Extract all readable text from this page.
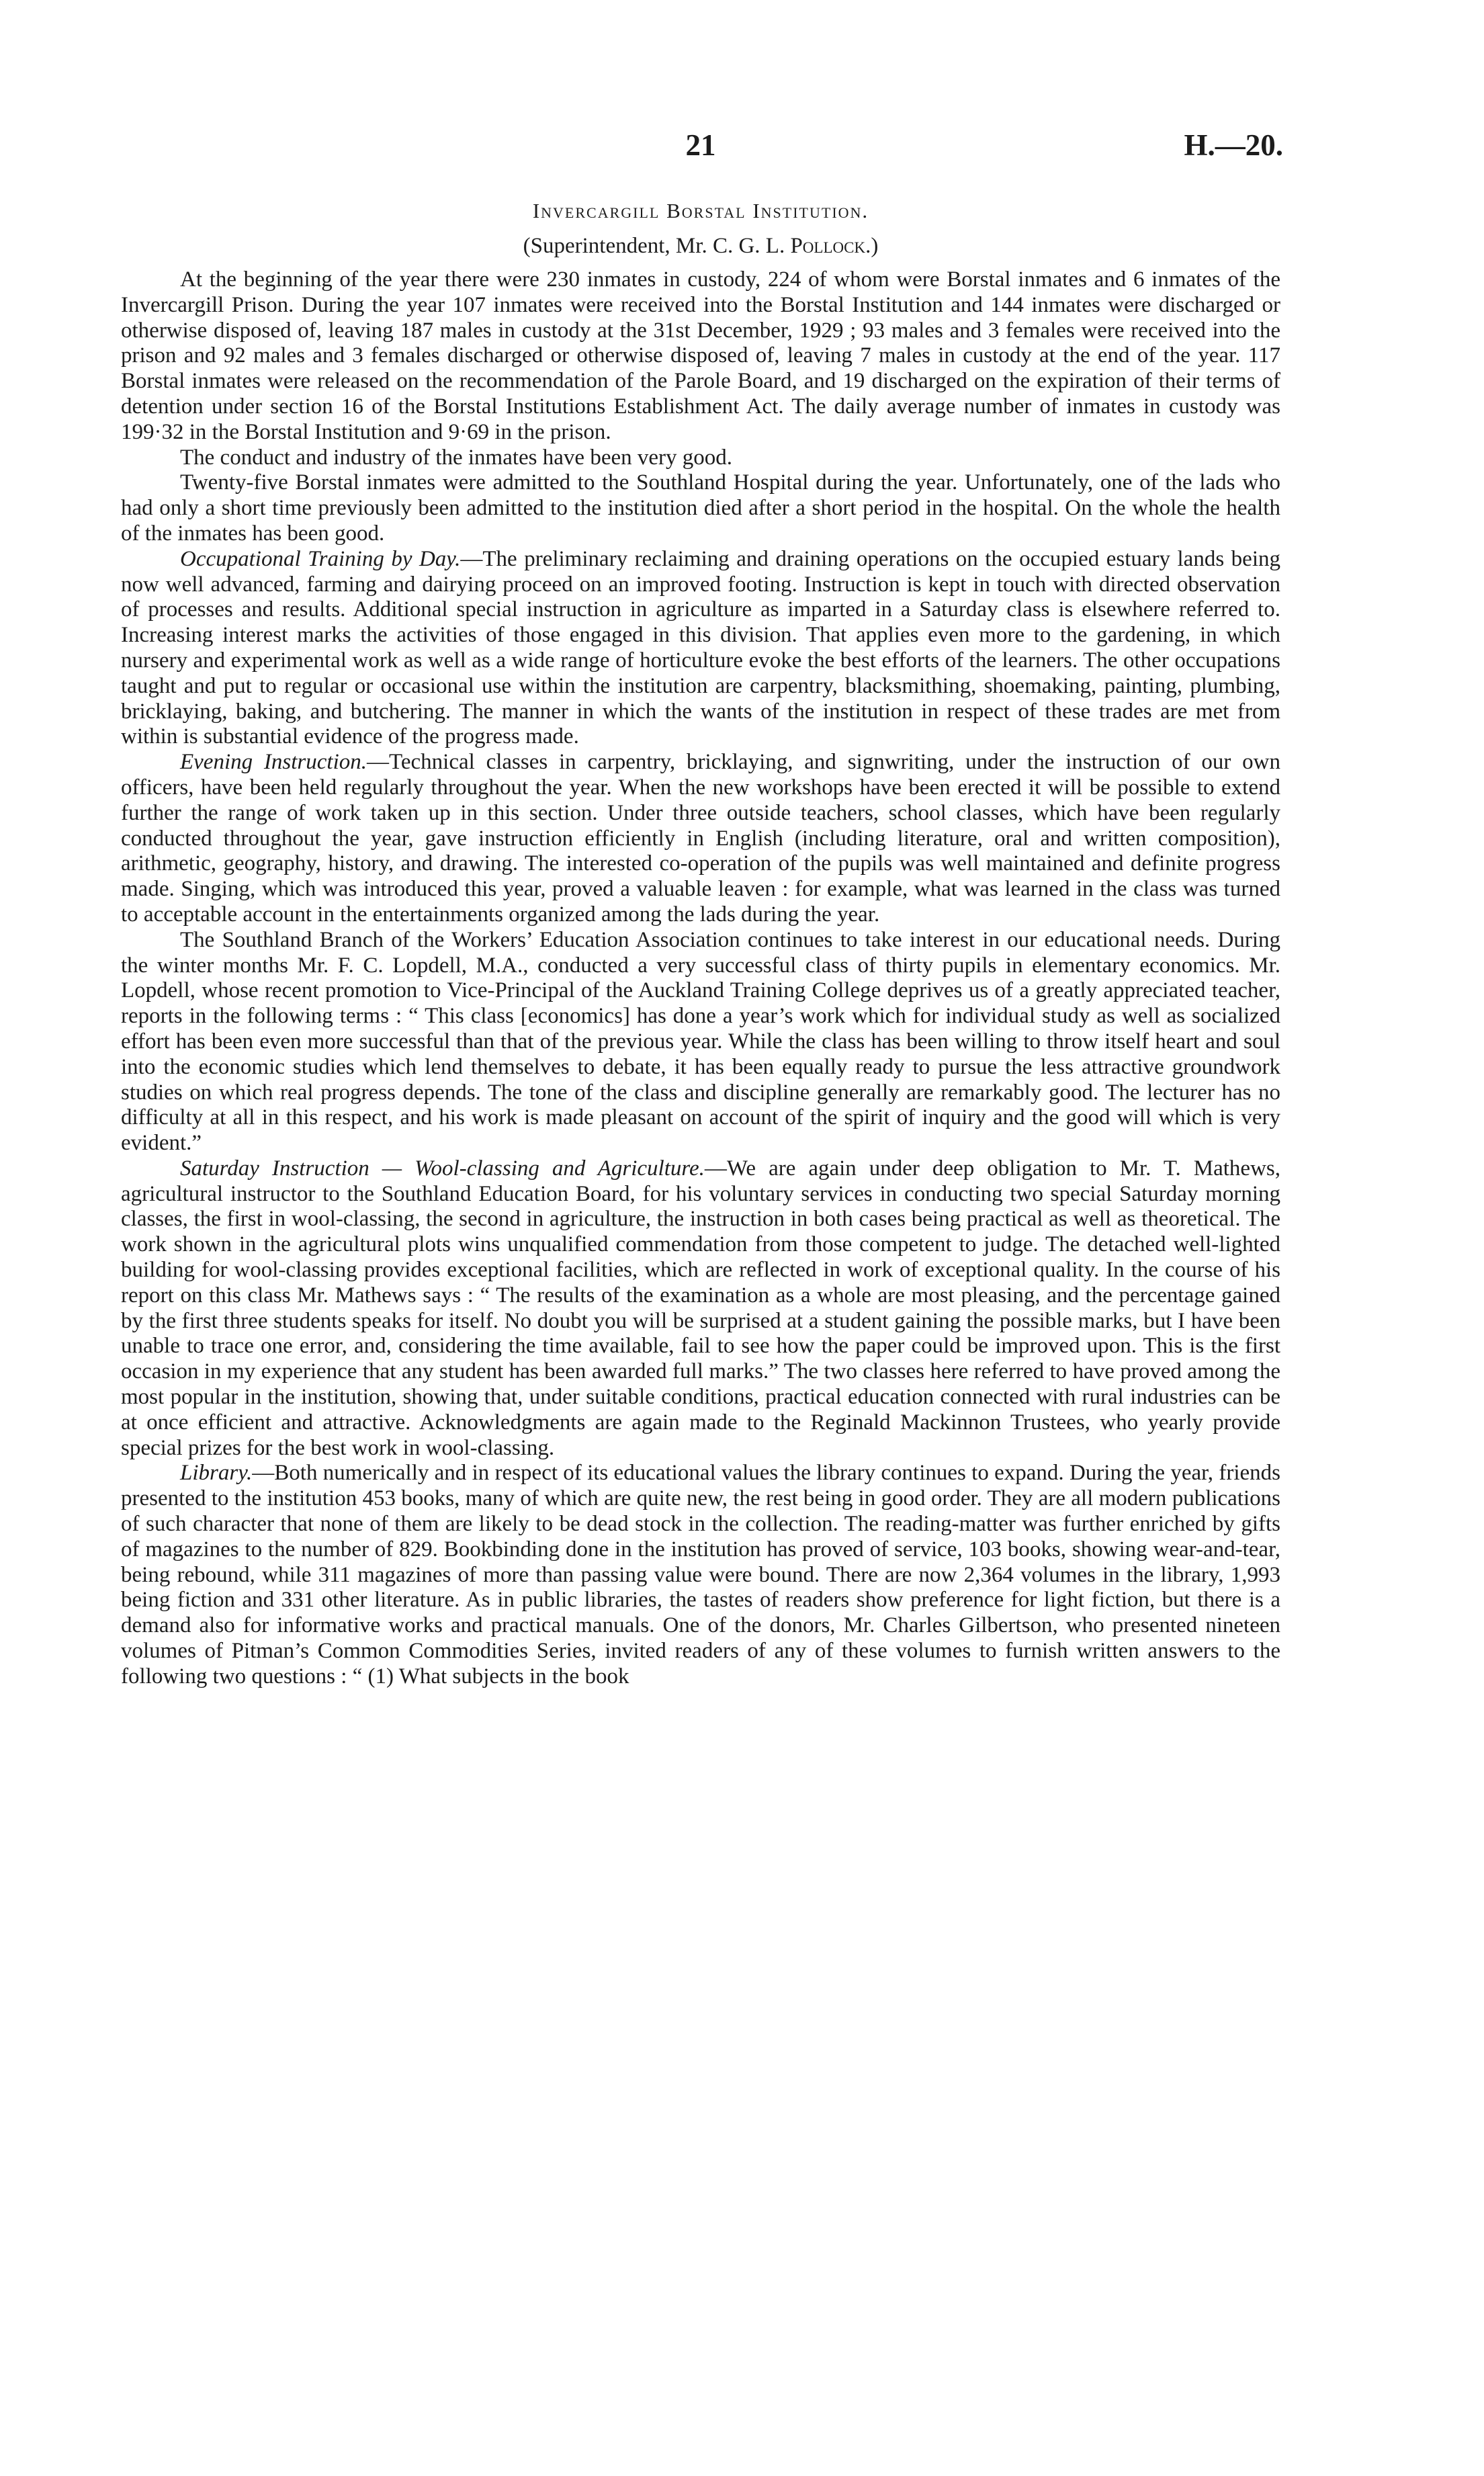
21	H.—20.
Invercargill Borstal Institution.
(Superintendent, Mr. C. G. L. Pollock.)

At the beginning of the year there were 230 inmates in custody, 224 of whom were Borstal inmates and 6 inmates of the Invercargill Prison. During the year 107 inmates were received into the Borstal Institution and 144 inmates were discharged or otherwise disposed of, leaving 187 males in custody at the 31st December, 1929 ; 93 males and 3 females were received into the prison and 92 males and 3 females discharged or otherwise disposed of, leaving 7 males in custody at the end of the year. 117 Borstal inmates were released on the recommendation of the Parole Board, and 19 discharged on the expiration of their terms of detention under section 16 of the Borstal Institutions Establishment Act. The daily average number of inmates in custody was 199·32 in the Borstal Institution and 9·69 in the prison.

The conduct and industry of the inmates have been very good.

Twenty-five Borstal inmates were admitted to the Southland Hospital during the year. Unfortunately, one of the lads who had only a short time previously been admitted to the institution died after a short period in the hospital. On the whole the health of the inmates has been good.

Occupational Training by Day.—The preliminary reclaiming and draining operations on the occupied estuary lands being now well advanced, farming and dairying proceed on an improved footing. Instruction is kept in touch with directed observation of processes and results. Additional special instruction in agriculture as imparted in a Saturday class is elsewhere referred to. Increasing interest marks the activities of those engaged in this division. That applies even more to the gardening, in which nursery and experimental work as well as a wide range of horticulture evoke the best efforts of the learners. The other occupations taught and put to regular or occasional use within the institution are carpentry, blacksmithing, shoemaking, painting, plumbing, bricklaying, baking, and butchering. The manner in which the wants of the institution in respect of these trades are met from within is substantial evidence of the progress made.

Evening Instruction.—Technical classes in carpentry, bricklaying, and signwriting, under the instruction of our own officers, have been held regularly throughout the year. When the new workshops have been erected it will be possible to extend further the range of work taken up in this section. Under three outside teachers, school classes, which have been regularly conducted throughout the year, gave instruction efficiently in English (including literature, oral and written composition), arithmetic, geography, history, and drawing. The interested co-operation of the pupils was well maintained and definite progress made. Singing, which was introduced this year, proved a valuable leaven : for example, what was learned in the class was turned to acceptable account in the entertainments organized among the lads during the year.

The Southland Branch of the Workers’ Education Association continues to take interest in our educational needs. During the winter months Mr. F. C. Lopdell, M.A., conducted a very successful class of thirty pupils in elementary economics. Mr. Lopdell, whose recent promotion to Vice-Principal of the Auckland Training College deprives us of a greatly appreciated teacher, reports in the following terms : “ This class [economics] has done a year’s work which for individual study as well as socialized effort has been even more successful than that of the previous year. While the class has been willing to throw itself heart and soul into the economic studies which lend themselves to debate, it has been equally ready to pursue the less attractive groundwork studies on which real progress depends. The tone of the class and discipline generally are remarkably good. The lecturer has no difficulty at all in this respect, and his work is made pleasant on account of the spirit of inquiry and the good will which is very evident.”

Saturday Instruction — Wool-classing and Agriculture.—We are again under deep obligation to Mr. T. Mathews, agricultural instructor to the Southland Education Board, for his voluntary services in conducting two special Saturday morning classes, the first in wool-classing, the second in agriculture, the instruction in both cases being practical as well as theoretical. The work shown in the agricultural plots wins unqualified commendation from those competent to judge. The detached well-lighted building for wool-classing provides exceptional facilities, which are reflected in work of exceptional quality. In the course of his report on this class Mr. Mathews says : “ The results of the examination as a whole are most pleasing, and the percentage gained by the first three students speaks for itself. No doubt you will be surprised at a student gaining the possible marks, but I have been unable to trace one error, and, considering the time available, fail to see how the paper could be improved upon. This is the first occasion in my experience that any student has been awarded full marks.” The two classes here referred to have proved among the most popular in the institution, showing that, under suitable conditions, practical education connected with rural industries can be at once efficient and attractive. Acknowledgments are again made to the Reginald Mackinnon Trustees, who yearly provide special prizes for the best work in wool-classing.

Library.—Both numerically and in respect of its educational values the library continues to expand. During the year, friends presented to the institution 453 books, many of which are quite new, the rest being in good order. They are all modern publications of such character that none of them are likely to be dead stock in the collection. The reading-matter was further enriched by gifts of magazines to the number of 829. Bookbinding done in the institution has proved of service, 103 books, showing wear-and-tear, being rebound, while 311 magazines of more than passing value were bound. There are now 2,364 volumes in the library, 1,993 being fiction and 331 other literature. As in public libraries, the tastes of readers show preference for light fiction, but there is a demand also for informative works and practical manuals. One of the donors, Mr. Charles Gilbertson, who presented nineteen volumes of Pitman’s Common Commodities Series, invited readers of any of these volumes to furnish written answers to the following two questions : “ (1) What subjects in the book
